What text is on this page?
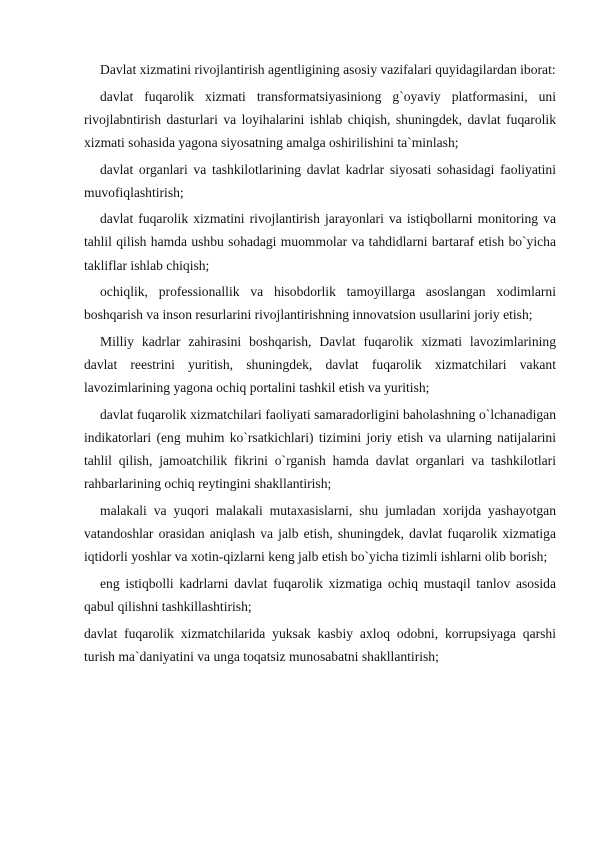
Davlat xizmatini rivojlantirish agentligining asosiy vazifalari quyidagilardan iborat:

davlat fuqarolik xizmati transformatsiyasiniong g`oyaviy platformasini, uni rivojlabntirish dasturlari va loyihalarini ishlab chiqish, shuningdek, davlat fuqarolik xizmati sohasida yagona siyosatning amalga oshirilishini ta`minlash;

davlat organlari va tashkilotlarining davlat kadrlar siyosati sohasidagi faoliyatini muvofiqlashtirish;

davlat fuqarolik xizmatini rivojlantirish jarayonlari va istiqbollarni monitoring va tahlil qilish hamda ushbu sohadagi muommolar va tahdidlarni bartaraf etish bo`yicha takliflar ishlab chiqish;

ochiqlik, professionallik va hisobdorlik tamoyillarga asoslangan xodimlarni boshqarish va inson resurlarini rivojlantirishning innovatsion usullarini joriy etish;

Milliy kadrlar zahirasini boshqarish, Davlat fuqarolik xizmati lavozimlarining davlat reestrini yuritish, shuningdek, davlat fuqarolik xizmatchilari vakant lavozimlarining yagona ochiq portalini tashkil etish va yuritish;

davlat fuqarolik xizmatchilari faoliyati samaradorligini baholashning o`lchanadigan indikatorlari (eng muhim ko`rsatkichlari) tizimini joriy etish va ularning natijalarini tahlil qilish, jamoatchilik fikrini o`rganish hamda davlat organlari va tashkilotlari rahbarlarining ochiq reytingini shakllantirish;

malakali va yuqori malakali mutaxasislarni, shu jumladan xorijda yashayotgan vatandoshlar orasidan aniqlash va jalb etish, shuningdek, davlat fuqarolik xizmatiga iqtidorli yoshlar va xotin-qizlarni keng jalb etish bo`yicha tizimli ishlarni olib borish;

eng istiqbolli kadrlarni davlat fuqarolik xizmatiga ochiq mustaqil tanlov asosida qabul qilishni tashkillashtirish;

davlat fuqarolik xizmatchilarida yuksak kasbiy axloq odobni, korrupsiyaga qarshi turish ma`daniyatini va unga toqatsiz munosabatni shakllantirish;
